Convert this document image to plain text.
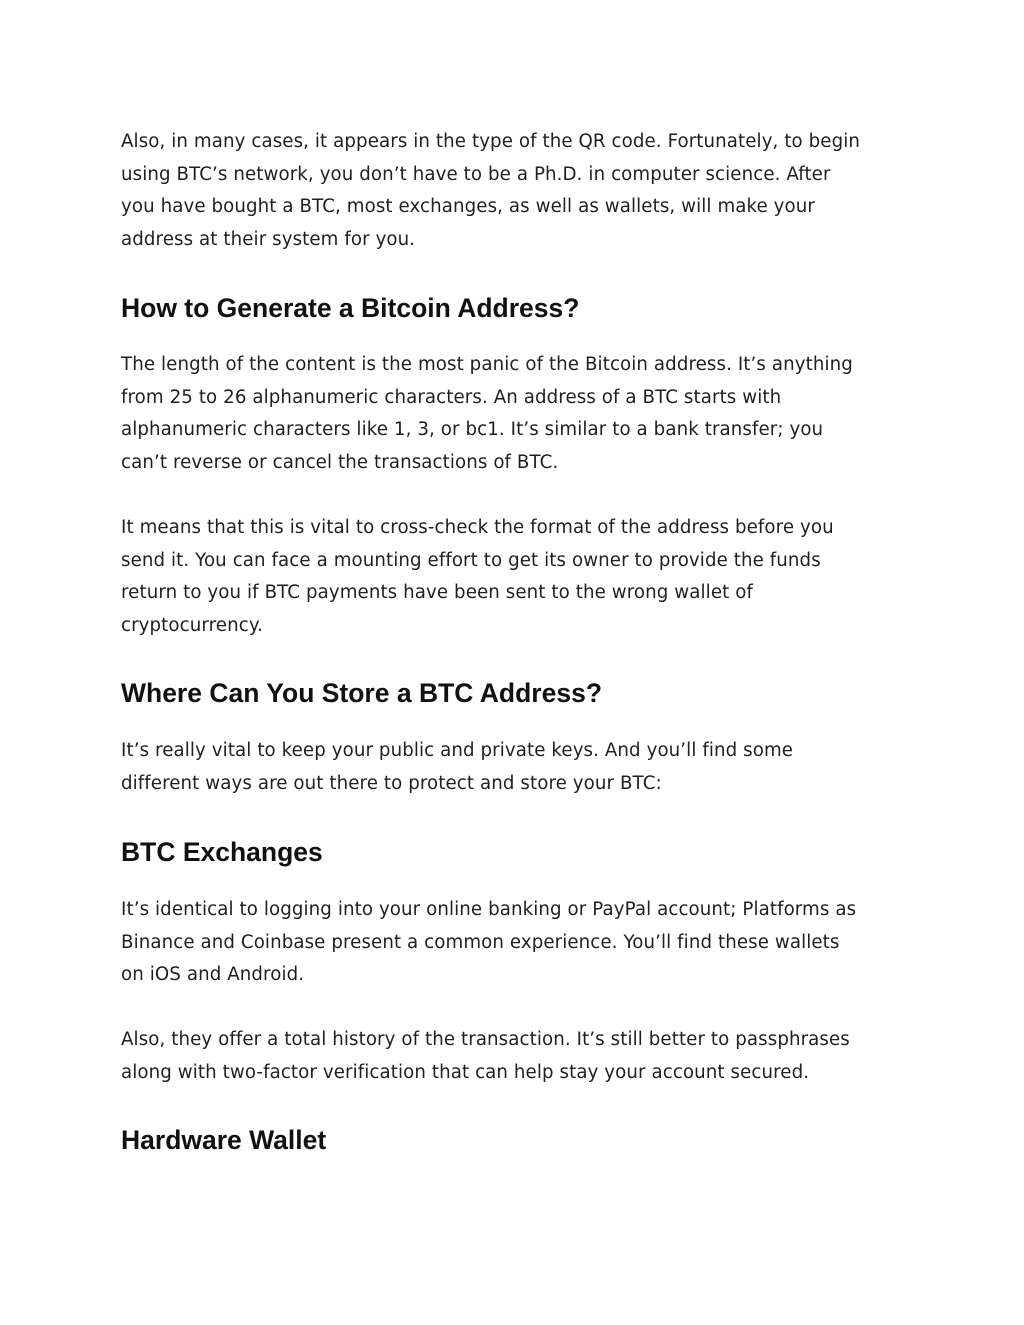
Also, in many cases, it appears in the type of the QR code. Fortunately, to begin
using BTC’s network, you don’t have to be a Ph.D. in computer science. After
you have bought a BTC, most exchanges, as well as wallets, will make your
address at their system for you.

How to Generate a Bitcoin Address?

The length of the content is the most panic of the Bitcoin address. It’s anything
from 25 to 26 alphanumeric characters. An address of a BTC starts with
alphanumeric characters like 1, 3, or bc1. It’s similar to a bank transfer; you
can’t reverse or cancel the transactions of BTC.

It means that this is vital to cross-check the format of the address before you
send it. You can face a mounting effort to get its owner to provide the funds
return to you if BTC payments have been sent to the wrong wallet of
cryptocurrency.

Where Can You Store a BTC Address?

It’s really vital to keep your public and private keys. And you’ll find some
different ways are out there to protect and store your BTC:

BTC Exchanges

It’s identical to logging into your online banking or PayPal account; Platforms as
Binance and Coinbase present a common experience. You’ll find these wallets
on iOS and Android.

Also, they offer a total history of the transaction. It’s still better to passphrases
along with two-factor verification that can help stay your account secured.

Hardware Wallet
